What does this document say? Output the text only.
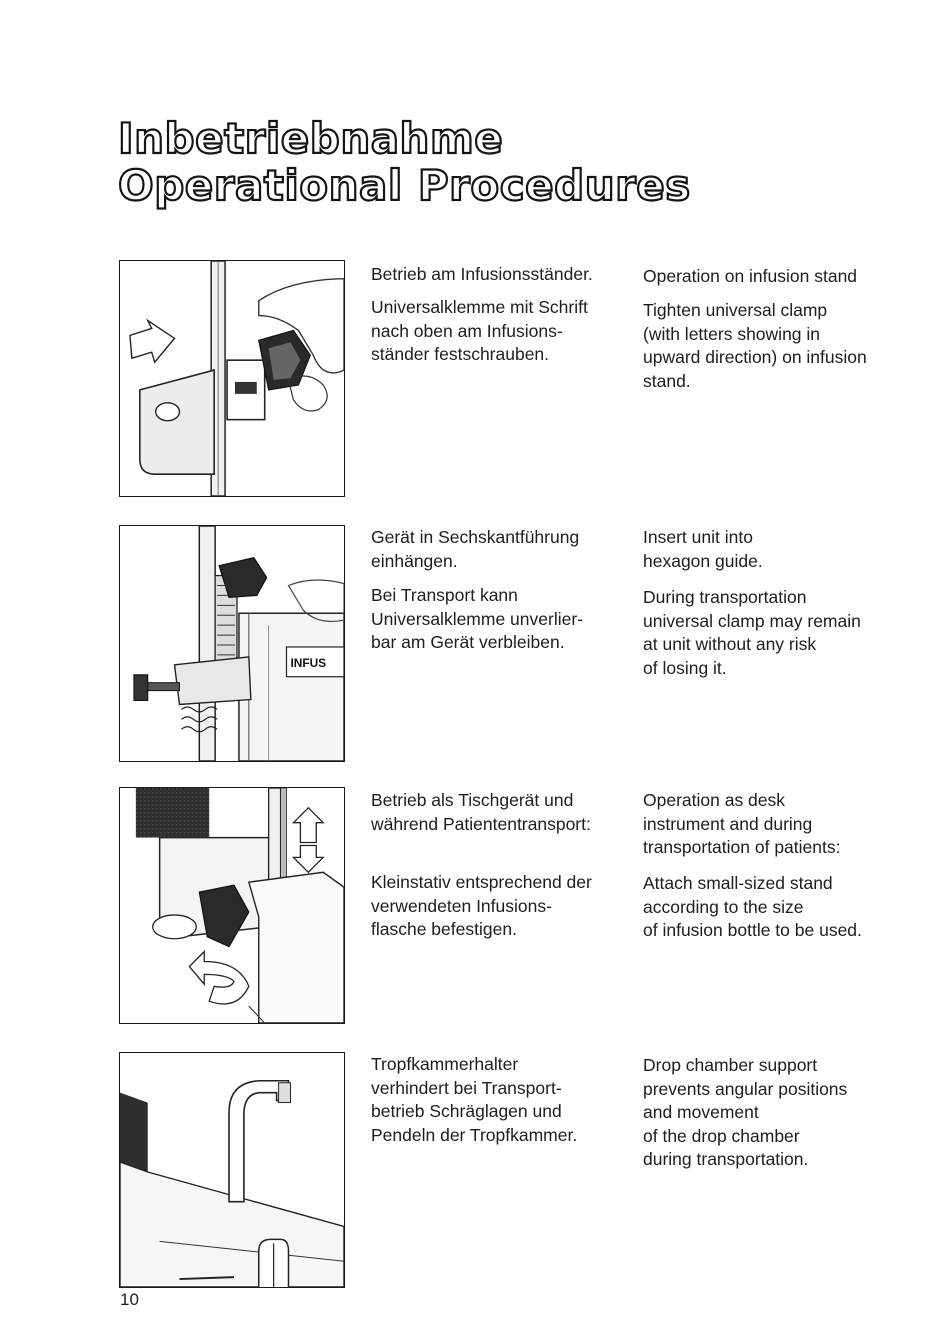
Inbetriebnahme
Operational Procedures

Betrieb am Infusionsständer.

Universalklemme mit Schrift
nach oben am Infusions-
ständer festschrauben.

Operation on infusion stand

Tighten universal clamp
(with letters showing in
upward direction) on infusion
stand.

INFUS

Gerät in Sechskantführung
einhängen.

Bei Transport kann
Universalklemme unverlier-
bar am Gerät verbleiben.

Insert unit into
hexagon guide.

During transportation
universal clamp may remain
at unit without any risk
of losing it.

Betrieb als Tischgerät und
während Patiententransport:

Kleinstativ entsprechend der
verwendeten Infusions-
flasche befestigen.

Operation as desk
instrument and during
transportation of patients:

Attach small-sized stand
according to the size
of infusion bottle to be used.

Tropfkammerhalter
verhindert bei Transport-
betrieb Schräglagen und
Pendeln der Tropfkammer.

Drop chamber support
prevents angular positions
and movement
of the drop chamber
during transportation.

10
